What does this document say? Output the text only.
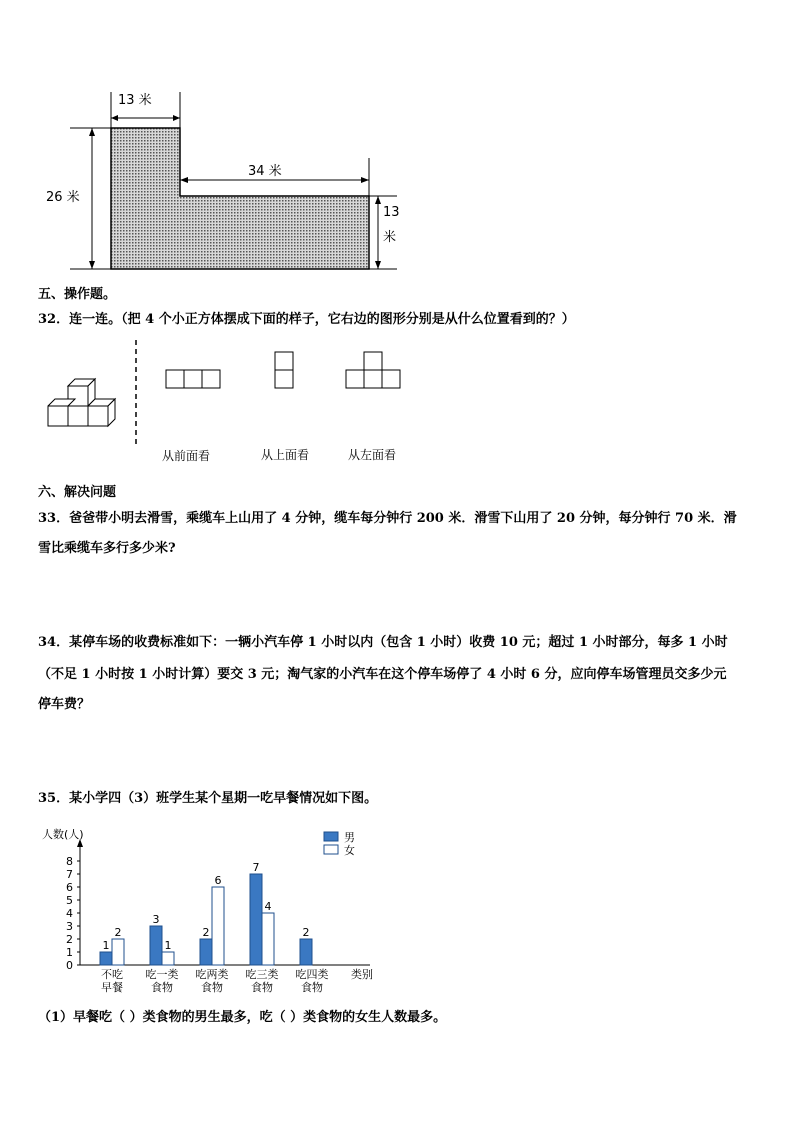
13 米
34 米
26 米
13
米
五、操作题。
32．连一连。（把 4 个小正方体摆成下面的样子，它右边的图形分别是从什么位置看到的？）
从前面看	从上面看	从左面看
六、解决问题
33．爸爸带小明去滑雪，乘缆车上山用了 4 分钟，缆车每分钟行 200 米．滑雪下山用了 20 分钟，每分钟行 70 米．滑
雪比乘缆车多行多少米?
34．某停车场的收费标准如下：一辆小汽车停 1 小时以内（包含 1 小时）收费 10 元；超过 1 小时部分，每多 1 小时
（不足 1 小时按 1 小时计算）要交 3 元；淘气家的小汽车在这个停车场停了 4 小时 6 分，应向停车场管理员交多少元
停车费？
35．某小学四（3）班学生某个星期一吃早餐情况如下图。
人数(人)
0
1
2
3
4
5
6
7
8
1
2
不吃
早餐
3
1
吃一类
食物
2
6
吃两类
食物
7
4
吃三类
食物
2
吃四类
食物
类别
男
女
（1）早餐吃（ ）类食物的男生最多，吃（ ）类食物的女生人数最多。
